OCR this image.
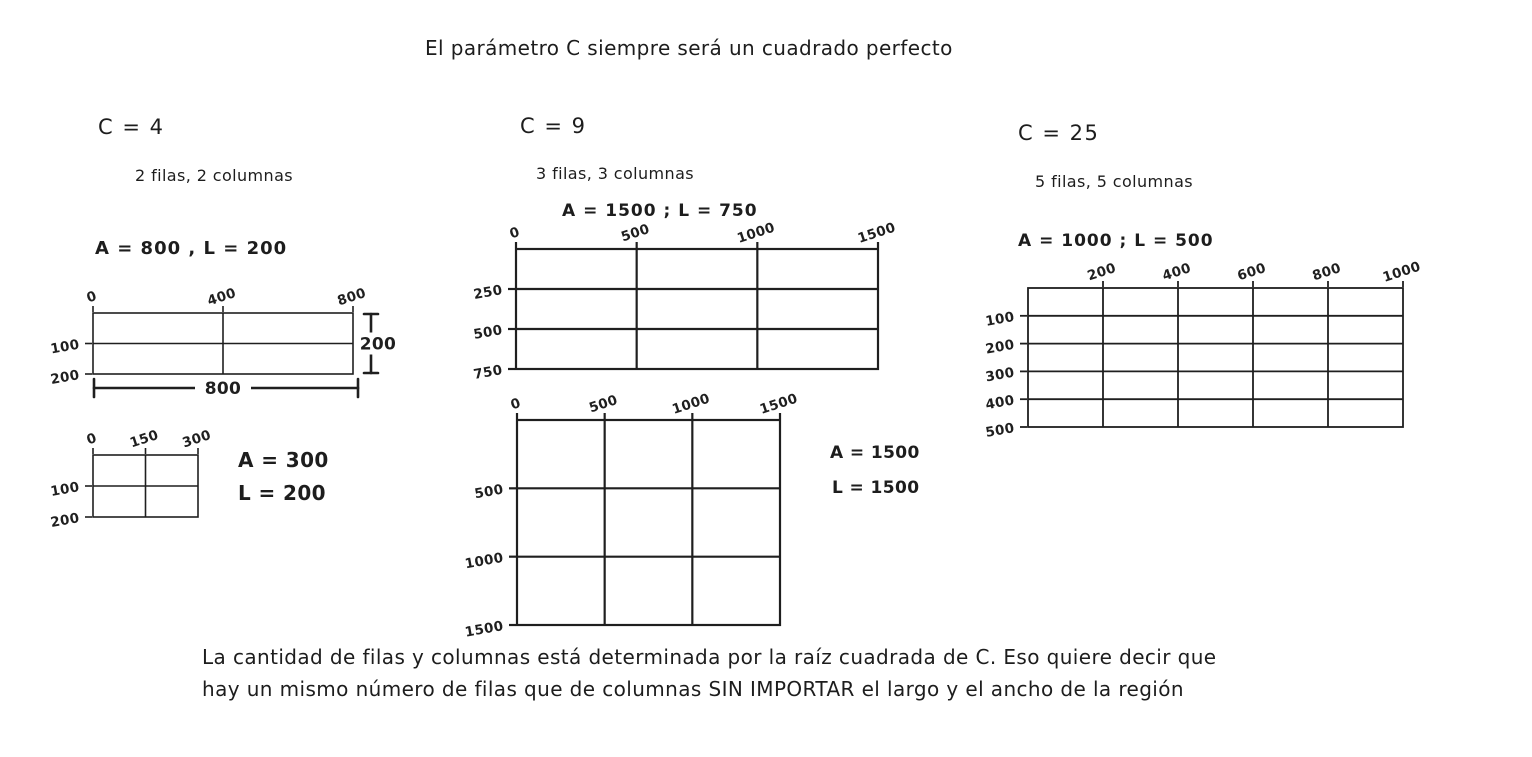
El parámetro C siempre será un cuadrado perfecto
C = 4
2 filas, 2 columnas
A = 800 , L = 200
C = 9
3 filas, 3 columnas
A = 1500 ; L = 750
C = 25
5 filas, 5 columnas
A = 1000 ; L = 500
0	400	800
100
200
800
200
0 150 300
100
200
0	500	1000	1500
250
500
750
0	500	1000	1500
500
1000
1500
200	400	600	800	1000
100
200
300
400
500
A = 300
L = 200
A = 1500
L = 1500
La cantidad de filas y columnas está determinada por la raíz cuadrada de C. Eso quiere decir que
hay un mismo número de filas que de columnas SIN IMPORTAR el largo y el ancho de la región
